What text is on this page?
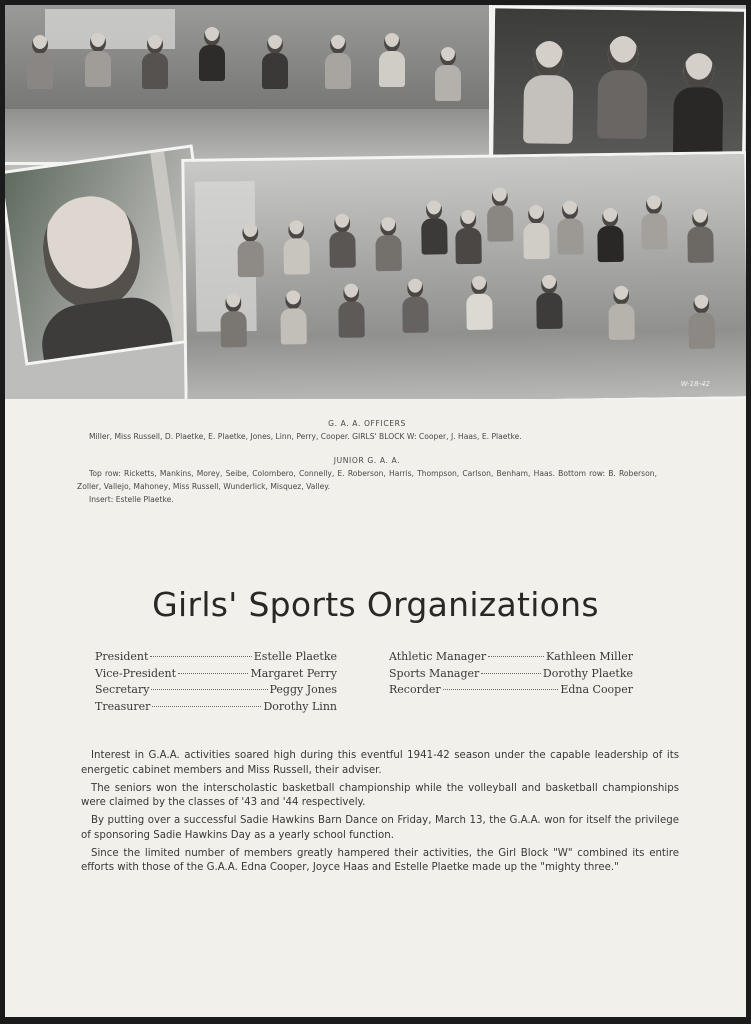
W-18-42
G. A. A. OFFICERS

Miller, Miss Russell, D. Plaetke, E. Plaetke, Jones, Linn, Perry, Cooper. GIRLS' BLOCK W: Cooper, J. Haas, E. Plaetke.

JUNIOR G. A. A.

Top row: Ricketts, Mankins, Morey, Seibe, Colombero, Connelly, E. Roberson, Harris, Thompson, Carlson, Benham, Haas. Bottom row: B. Roberson, Zoller, Vallejo, Mahoney, Miss Russell, Wunderlick, Misquez, Valley.

Insert: Estelle Plaetke.

Girls' Sports Organizations
President	Estelle Plaetke
Vice-President	Margaret Perry
Secretary	Peggy Jones
Treasurer	Dorothy Linn
Athletic Manager	Kathleen Miller
Sports Manager	Dorothy Plaetke
Recorder	Edna Cooper

Interest in G.A.A. activities soared high during this eventful 1941-42 season under the capable leadership of its energetic cabinet members and Miss Russell, their adviser.

The seniors won the interscholastic basketball championship while the volleyball and basketball championships were claimed by the classes of '43 and '44 respectively.

By putting over a successful Sadie Hawkins Barn Dance on Friday, March 13, the G.A.A. won for itself the privilege of sponsoring Sadie Hawkins Day as a yearly school function.

Since the limited number of members greatly hampered their activities, the Girl Block "W" combined its entire efforts with those of the G.A.A. Edna Cooper, Joyce Haas and Estelle Plaetke made up the "mighty three."
